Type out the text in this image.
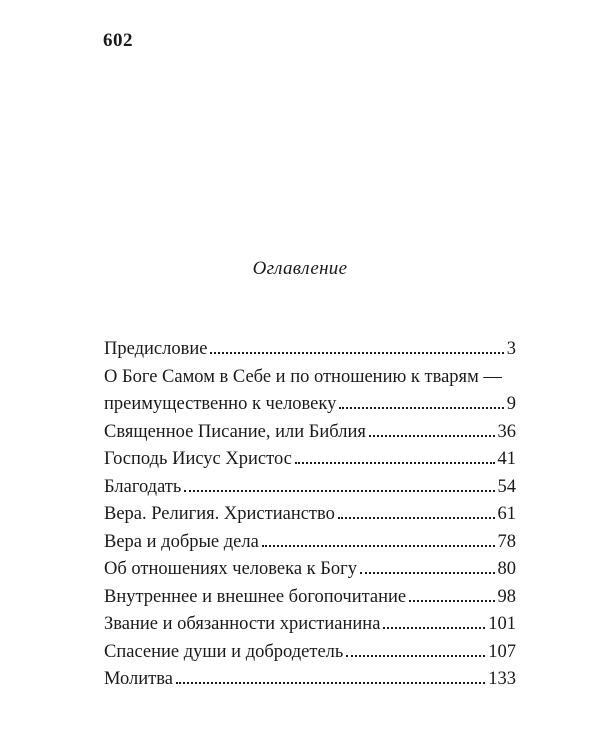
602
Оглавление
Предисловие	3
О Боге Самом в Себе и по отношению к тварям —
преимущественно к человеку	9
Священное Писание, или Библия	36
Господь Иисус Христос	41
Благодать	54
Вера. Религия. Христианство	61
Вера и добрые дела	78
Об отношениях человека к Богу	80
Внутреннее и внешнее богопочитание	98
Звание и обязанности христианина	101
Спасение души и добродетель	107
Молитва	133
